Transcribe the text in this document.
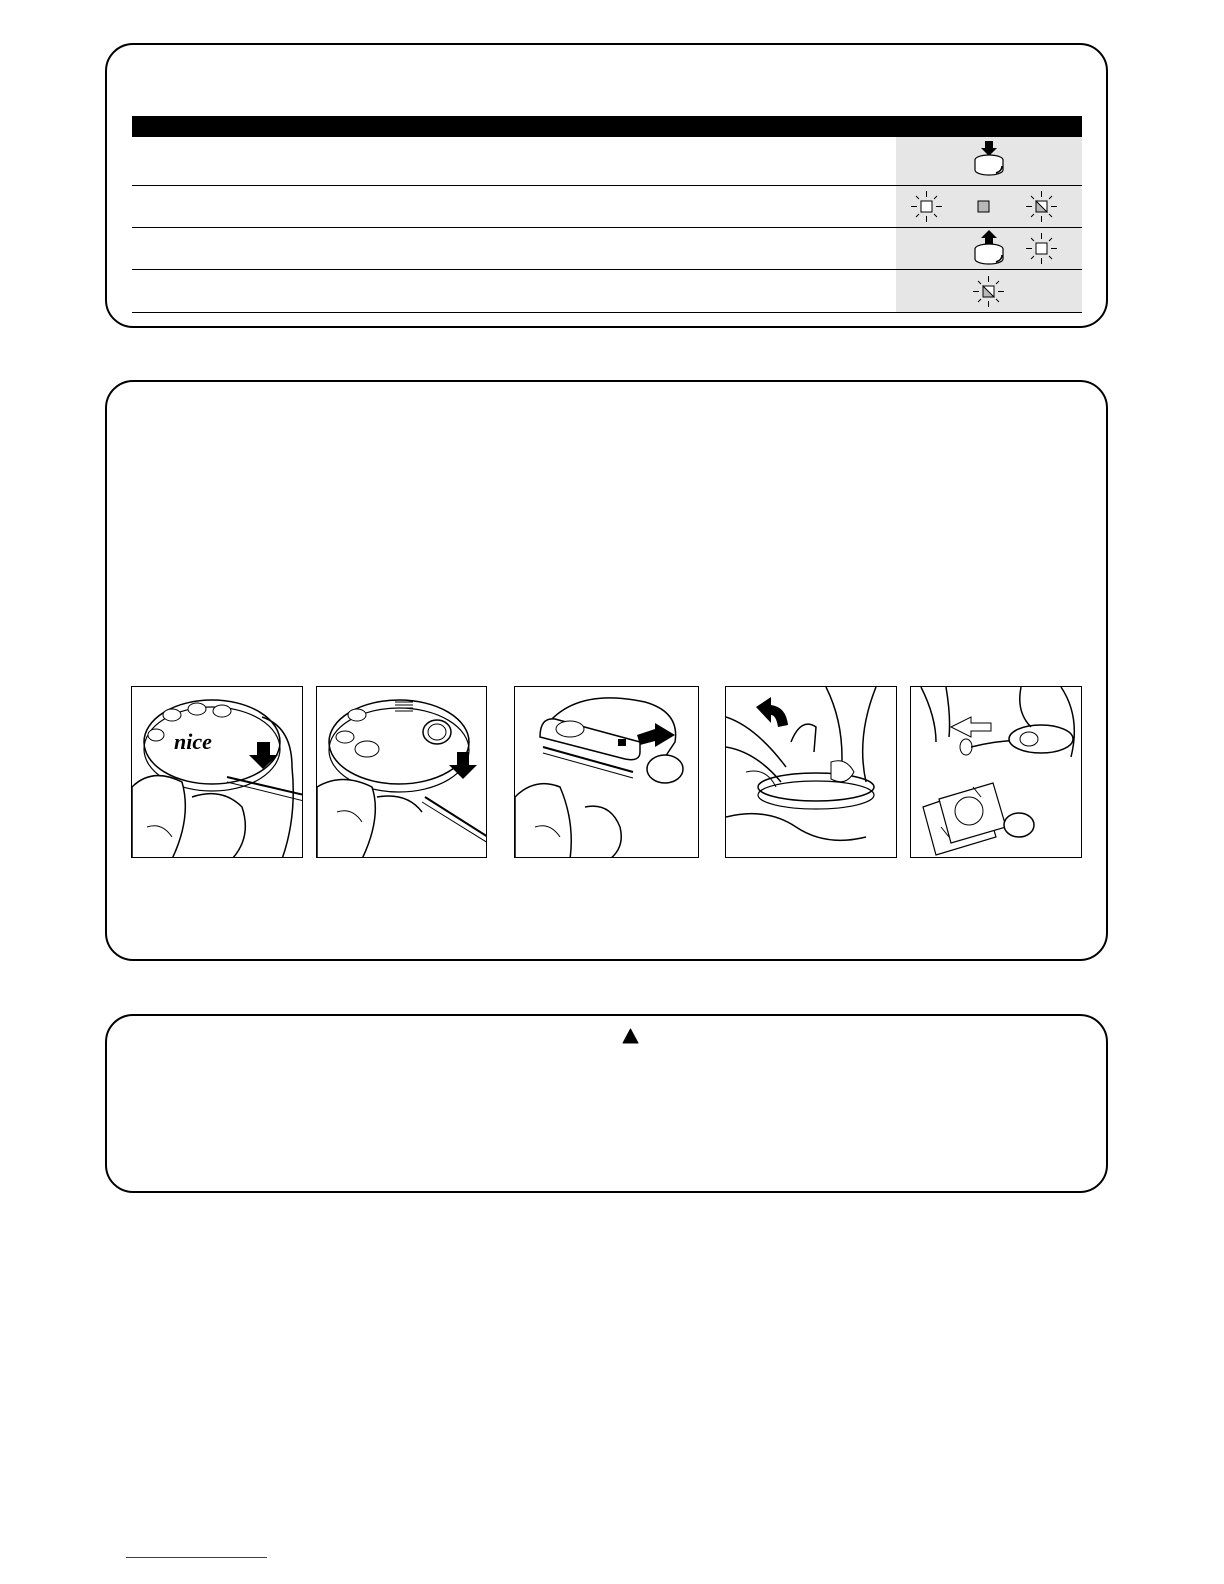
nice
